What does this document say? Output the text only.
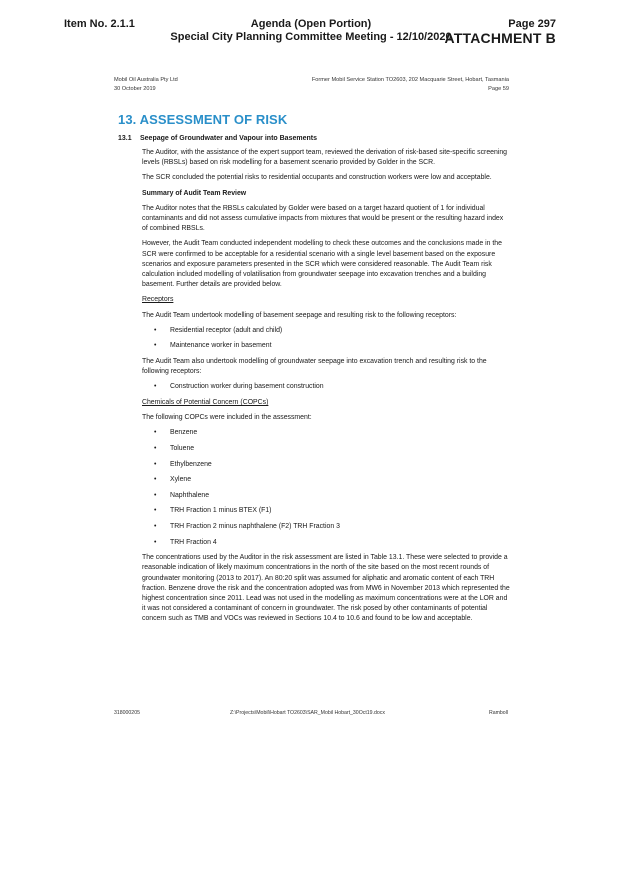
Item No. 2.1.1	Agenda (Open Portion)
Special City Planning Committee Meeting - 12/10/2020
Page 297
ATTACHMENT B
Mobil Oil Australia Pty Ltd
30 October 2019
Former Mobil Service Station TO2603, 202 Macquarie Street, Hobart, Tasmania
Page 59
13. ASSESSMENT OF RISK
13.1 Seepage of Groundwater and Vapour into Basements

The Auditor, with the assistance of the expert support team, reviewed the derivation of risk-based site-specific screening levels (RBSLs) based on risk modelling for a basement scenario provided by Golder in the SCR.

The SCR concluded the potential risks to residential occupants and construction workers were low and acceptable.

Summary of Audit Team Review

The Auditor notes that the RBSLs calculated by Golder were based on a target hazard quotient of 1 for individual contaminants and did not assess cumulative impacts from mixtures that would be present or the resulting hazard index of combined RBSLs.

However, the Audit Team conducted independent modelling to check these outcomes and the conclusions made in the SCR were confirmed to be acceptable for a residential scenario with a single level basement based on the exposure scenarios and exposure parameters presented in the SCR which were considered reasonable. The Audit Team risk calculation included modelling of volatilisation from groundwater seepage into excavation trenches and a building basement. Further details are provided below.

Receptors

The Audit Team undertook modelling of basement seepage and resulting risk to the following receptors:

• Residential receptor (adult and child)
• Maintenance worker in basement

The Audit Team also undertook modelling of groundwater seepage into excavation trench and resulting risk to the following receptors:

• Construction worker during basement construction
Chemicals of Potential Concern (COPCs)

The following COPCs were included in the assessment:

• Benzene
• Toluene
• Ethylbenzene
• Xylene
• Naphthalene
• TRH Fraction 1 minus BTEX (F1)
• TRH Fraction 2 minus naphthalene (F2) TRH Fraction 3
• TRH Fraction 4

The concentrations used by the Auditor in the risk assessment are listed in Table 13.1. These were selected to provide a reasonable indication of likely maximum concentrations in the north of the site based on the most recent rounds of groundwater monitoring (2013 to 2017). An 80:20 split was assumed for aliphatic and aromatic content of each TRH fraction. Benzene drove the risk and the concentration adopted was from MW6 in November 2013 which represented the highest concentration since 2011. Lead was not used in the modelling as maximum concentrations were at the LOR and it was not considered a contaminant of concern in groundwater. The risk posed by other contaminants of potential concern such as TMB and VOCs was reviewed in Sections 10.4 to 10.6 and found to be low and acceptable.

318000205	Z:\Projects\Mobil\Hobart TO2603\SAR_Mobil Hobart_30Oct19.docx	Ramboll
